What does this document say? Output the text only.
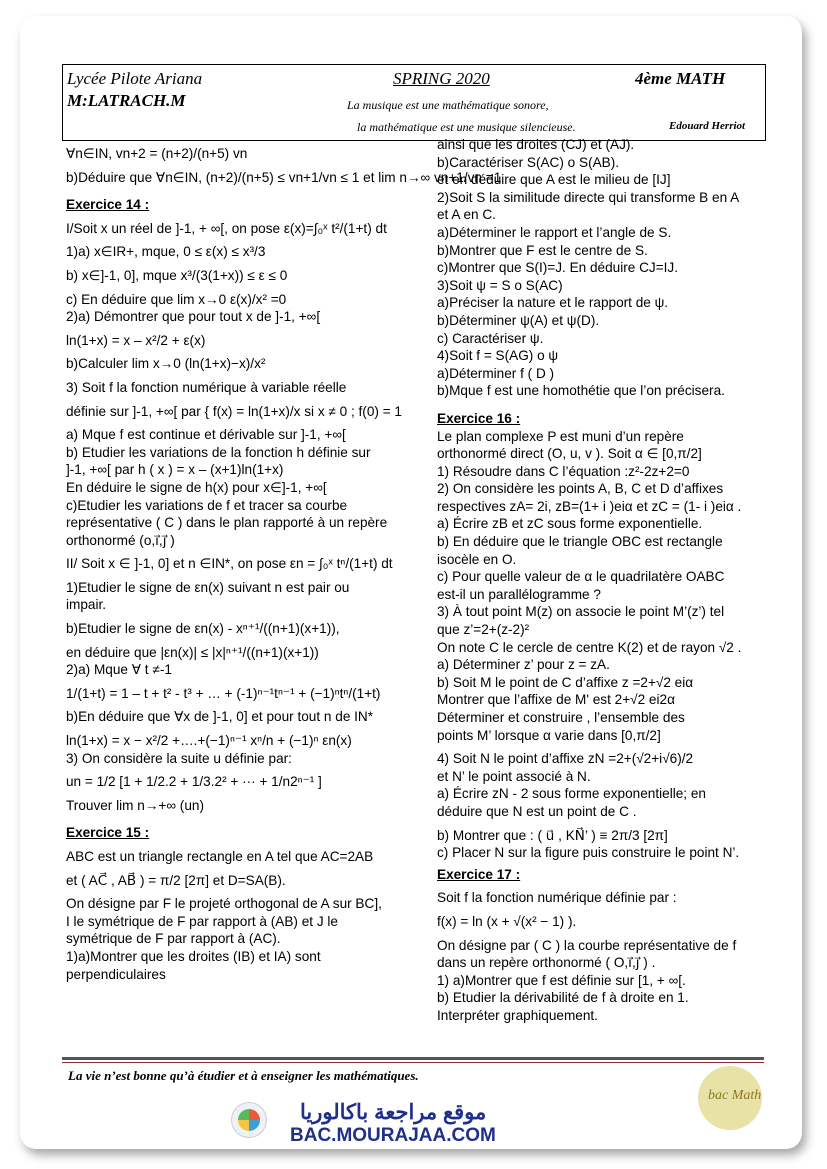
Lycée Pilote Ariana
M:LATRACH.M
SPRING 2020	4ème MATH
La musique est une mathématique sonore,
la mathématique est une musique silencieuse.	Edouard Herriot

∀n∈IN, vn+2 = (n+2)/(n+5) vn

b)Déduire que ∀n∈IN, (n+2)/(n+5) ≤ vn+1/vn ≤ 1 et lim n→∞ vn+1/vn =1

Exercice 14 :

I/Soit x un réel de ]-1, + ∞[, on pose ε(x)=∫₀ˣ t²/(1+t) dt

1)a) x∈IR+, mque, 0 ≤ ε(x) ≤ x³/3

b) x∈]-1, 0], mque x³/(3(1+x)) ≤ ε ≤ 0

c) En déduire que lim x→0 ε(x)/x² =0

2)a) Démontrer que pour tout x de ]-1, +∞[

ln(1+x) = x – x²/2 + ε(x)

b)Calculer lim x→0 (ln(1+x)−x)/x²

3) Soit f la fonction numérique à variable réelle

définie sur ]-1, +∞[ par { f(x) = ln(1+x)/x si x ≠ 0 ; f(0) = 1

a) Mque f est continue et dérivable sur ]-1, +∞[

b) Etudier les variations de la fonction h définie sur

]-1, +∞[ par h ( x ) = x – (x+1)ln(1+x)

En déduire le signe de h(x) pour x∈]-1, +∞[

c)Etudier les variations de f et tracer sa courbe

représentative ( C ) dans le plan rapporté à un repère

orthonormé (o,i⃗,j⃗ )

II/ Soit x ∈ ]-1, 0] et n ∈IN*, on pose εn = ∫₀ˣ tⁿ/(1+t) dt

1)Etudier le signe de εn(x) suivant n est pair ou

impair.

b)Etudier le signe de εn(x) - xⁿ⁺¹/((n+1)(x+1)),

en déduire que |εn(x)| ≤ |x|ⁿ⁺¹/((n+1)(x+1))

2)a) Mque ∀ t ≠-1

1/(1+t) = 1 – t + t² - t³ + … + (-1)ⁿ⁻¹tⁿ⁻¹ + (−1)ⁿtⁿ/(1+t)

b)En déduire que ∀x de ]-1, 0] et pour tout n de IN*

ln(1+x) = x − x²/2 +….+(−1)ⁿ⁻¹ xⁿ/n + (−1)ⁿ εn(x)

3) On considère la suite u définie par:

un = 1/2 [1 + 1/2.2 + 1/3.2² + ··· + 1/n2ⁿ⁻¹ ]

Trouver lim n→+∞ (un)

Exercice 15 :

ABC est un triangle rectangle en A tel que AC=2AB

et ( AC⃗ , AB⃗ ) = π/2 [2π] et D=SA(B).

On désigne par F le projeté orthogonal de A sur BC],

I le symétrique de F par rapport à (AB) et J le

symétrique de F par rapport à (AC).

1)a)Montrer que les droites (IB) et IA) sont

perpendiculaires

ainsi que les droites (CJ) et (AJ).

b)Caractériser S(AC) o S(AB).

et en déduire que A est le milieu de [IJ]

2)Soit S la similitude directe qui transforme B en A

et A en C.

a)Déterminer le rapport et l’angle de S.

b)Montrer que F est le centre de S.

c)Montrer que S(I)=J. En déduire CJ=IJ.

3)Soit ψ = S o S(AC)

a)Préciser la nature et le rapport de ψ.

b)Déterminer ψ(A) et ψ(D).

c) Caractériser ψ.

4)Soit f = S(AG) o ψ

a)Déterminer f ( D )

b)Mque f est une homothétie que l’on précisera.

Exercice 16 :

Le plan complexe P est muni d’un repère

orthonormé direct (O, u, v ). Soit α ∈ [0,π/2]

1) Résoudre dans C l’équation :z²-2z+2=0

2) On considère les points A, B, C et D d’affixes

respectives zA= 2i, zB=(1+ i )eiα et zC = (1- i )eiα .

a) Écrire zB et zC sous forme exponentielle.

b) En déduire que le triangle OBC est rectangle

isocèle en O.

c) Pour quelle valeur de α le quadrilatère OABC

est-il un parallélogramme ?

3) À tout point M(z) on associe le point M’(z’) tel

que z’=2+(z-2)²

On note C le cercle de centre K(2) et de rayon √2 .

a) Déterminer z’ pour z = zA.

b) Soit M le point de C d’affixe z =2+√2 eiα

Montrer que l’affixe de M' est 2+√2 ei2α

Déterminer et construire , l’ensemble des

points M’ lorsque α varie dans [0,π/2]

4) Soit N le point d’affixe zN =2+(√2+i√6)/2

et N’ le point associé à N.

a) Écrire zN - 2 sous forme exponentielle; en

déduire que N est un point de C .

b) Montrer que : ( u⃗ , KN⃗’ ) ≡ 2π/3 [2π]

c) Placer N sur la figure puis construire le point N’.

Exercice 17 :

Soit f la fonction numérique définie par :

f(x) = ln (x + √(x² − 1) ).

On désigne par ( C ) la courbe représentative de f

dans un repère orthonormé ( O,i⃗,j⃗ ) .

1) a)Montrer que f est définie sur [1, + ∞[.

b) Etudier la dérivabilité de f à droite en 1.

Interpréter graphiquement.

La vie n’est bonne qu’à étudier et à enseigner les mathématiques.
موقع مراجعة باكالوريا
BAC.MOURAJAA.COM
bac Math
